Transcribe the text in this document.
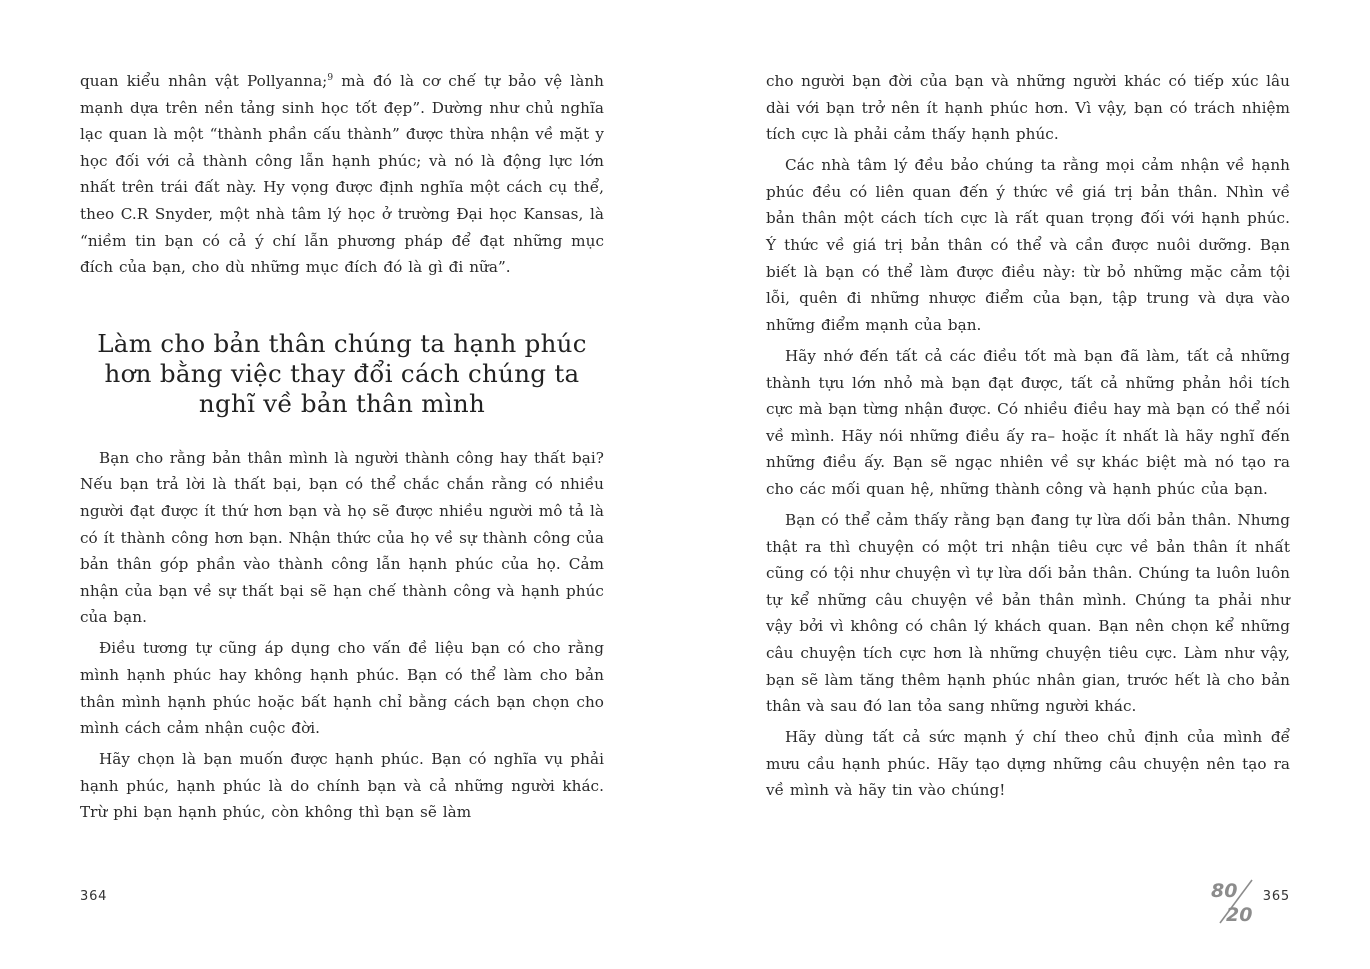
quan kiểu nhân vật Pollyanna;$^9$ mà đó là cơ chế tự bảo vệ lành mạnh dựa trên nền tảng sinh học tốt đẹp”. Dường như chủ nghĩa lạc quan là một “thành phần cấu thành” được thừa nhận về mặt y học đối với cả thành công lẫn hạnh phúc; và nó là động lực lớn nhất trên trái đất này. Hy vọng được định nghĩa một cách cụ thể, theo C.R Snyder, một nhà tâm lý học ở trường Đại học Kansas, là “niềm tin bạn có cả ý chí lẫn phương pháp để đạt những mục đích của bạn, cho dù những mục đích đó là gì đi nữa”.

Làm cho bản thân chúng ta hạnh phúc hơn bằng việc thay đổi cách chúng ta nghĩ về bản thân mình

Bạn cho rằng bản thân mình là người thành công hay thất bại? Nếu bạn trả lời là thất bại, bạn có thể chắc chắn rằng có nhiều người đạt được ít thứ hơn bạn và họ sẽ được nhiều người mô tả là có ít thành công hơn bạn. Nhận thức của họ về sự thành công của bản thân góp phần vào thành công lẫn hạnh phúc của họ. Cảm nhận của bạn về sự thất bại sẽ hạn chế thành công và hạnh phúc của bạn.

Điều tương tự cũng áp dụng cho vấn đề liệu bạn có cho rằng mình hạnh phúc hay không hạnh phúc. Bạn có thể làm cho bản thân mình hạnh phúc hoặc bất hạnh chỉ bằng cách bạn chọn cho mình cách cảm nhận cuộc đời.

Hãy chọn là bạn muốn được hạnh phúc. Bạn có nghĩa vụ phải hạnh phúc, hạnh phúc là do chính bạn và cả những người khác. Trừ phi bạn hạnh phúc, còn không thì bạn sẽ làm

364

cho người bạn đời của bạn và những người khác có tiếp xúc lâu dài với bạn trở nên ít hạnh phúc hơn. Vì vậy, bạn có trách nhiệm tích cực là phải cảm thấy hạnh phúc.

Các nhà tâm lý đều bảo chúng ta rằng mọi cảm nhận về hạnh phúc đều có liên quan đến ý thức về giá trị bản thân. Nhìn về bản thân một cách tích cực là rất quan trọng đối với hạnh phúc. Ý thức về giá trị bản thân có thể và cần được nuôi dưỡng. Bạn biết là bạn có thể làm được điều này: từ bỏ những mặc cảm tội lỗi, quên đi những nhược điểm của bạn, tập trung và dựa vào những điểm mạnh của bạn.

Hãy nhớ đến tất cả các điều tốt mà bạn đã làm, tất cả những thành tựu lớn nhỏ mà bạn đạt được, tất cả những phản hồi tích cực mà bạn từng nhận được. Có nhiều điều hay mà bạn có thể nói về mình. Hãy nói những điều ấy ra– hoặc ít nhất là hãy nghĩ đến những điều ấy. Bạn sẽ ngạc nhiên về sự khác biệt mà nó tạo ra cho các mối quan hệ, những thành công và hạnh phúc của bạn.

Bạn có thể cảm thấy rằng bạn đang tự lừa dối bản thân. Nhưng thật ra thì chuyện có một tri nhận tiêu cực về bản thân ít nhất cũng có tội như chuyện vì tự lừa dối bản thân. Chúng ta luôn luôn tự kể những câu chuyện về bản thân mình. Chúng ta phải như vậy bởi vì không có chân lý khách quan. Bạn nên chọn kể những câu chuyện tích cực hơn là những chuyện tiêu cực. Làm như vậy, bạn sẽ làm tăng thêm hạnh phúc nhân gian, trước hết là cho bản thân và sau đó lan tỏa sang những người khác.

Hãy dùng tất cả sức mạnh ý chí theo chủ định của mình để mưu cầu hạnh phúc. Hãy tạo dựng những câu chuyện nên tạo ra về mình và hãy tin vào chúng!

80
20
365
